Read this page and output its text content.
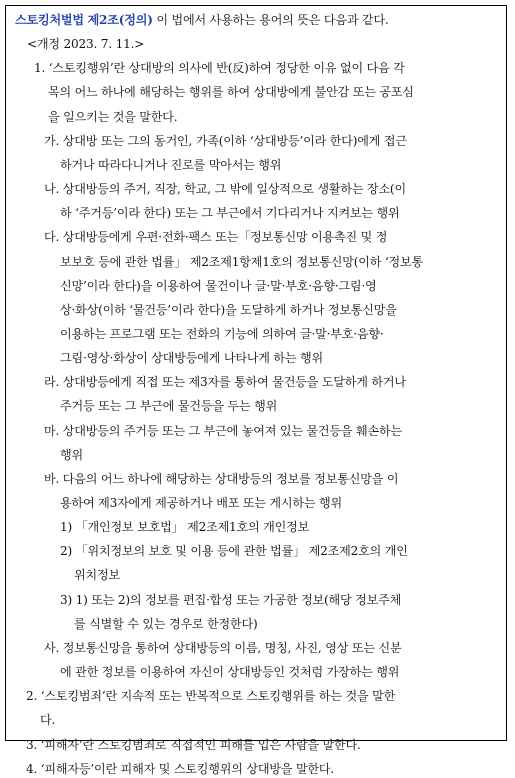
스토킹처벌법 제2조(정의) 이 법에서 사용하는 용어의 뜻은 다음과 같다.
<개정 2023. 7. 11.>
1. ‘스토킹행위’란 상대방의 의사에 반(反)하여 정당한 이유 없이 다음 각
목의 어느 하나에 해당하는 행위를 하여 상대방에게 불안감 또는 공포심
을 일으키는 것을 말한다.
가. 상대방 또는 그의 동거인, 가족(이하 ‘상대방등’이라 한다)에게 접근
하거나 따라다니거나 진로를 막아서는 행위
나. 상대방등의 주거, 직장, 학교, 그 밖에 일상적으로 생활하는 장소(이
하 ‘주거등’이라 한다) 또는 그 부근에서 기다리거나 지켜보는 행위
다. 상대방등에게 우편·전화·팩스 또는「정보통신망 이용촉진 및 정
보보호 등에 관한 법률」 제2조제1항제1호의 정보통신망(이하 ‘정보통
신망’이라 한다)을 이용하여 물건이나 글·말·부호·음향·그림·영
상·화상(이하 ‘물건등’이라 한다)을 도달하게 하거나 정보통신망을
이용하는 프로그램 또는 전화의 기능에 의하여 글·말·부호·음향·
그림·영상·화상이 상대방등에게 나타나게 하는 행위
라. 상대방등에게 직접 또는 제3자를 통하여 물건등을 도달하게 하거나
주거등 또는 그 부근에 물건등을 두는 행위
마. 상대방등의 주거등 또는 그 부근에 놓여져 있는 물건등을 훼손하는
행위
바. 다음의 어느 하나에 해당하는 상대방등의 정보를 정보통신망을 이
용하여 제3자에게 제공하거나 배포 또는 게시하는 행위
1) 「개인정보 보호법」 제2조제1호의 개인정보
2) 「위치정보의 보호 및 이용 등에 관한 법률」 제2조제2호의 개인
위치정보
3) 1) 또는 2)의 정보를 편집·합성 또는 가공한 정보(해당 정보주체
를 식별할 수 있는 경우로 한정한다)
사. 정보통신망을 통하여 상대방등의 이름, 명칭, 사진, 영상 또는 신분
에 관한 정보를 이용하여 자신이 상대방등인 것처럼 가장하는 행위
2. ‘스토킹범죄’란 지속적 또는 반복적으로 스토킹행위를 하는 것을 말한
다.
3. ‘피해자’란 스토킹범죄로 직접적인 피해를 입은 사람을 말한다.
4. ‘피해자등’이란 피해자 및 스토킹행위의 상대방을 말한다.
